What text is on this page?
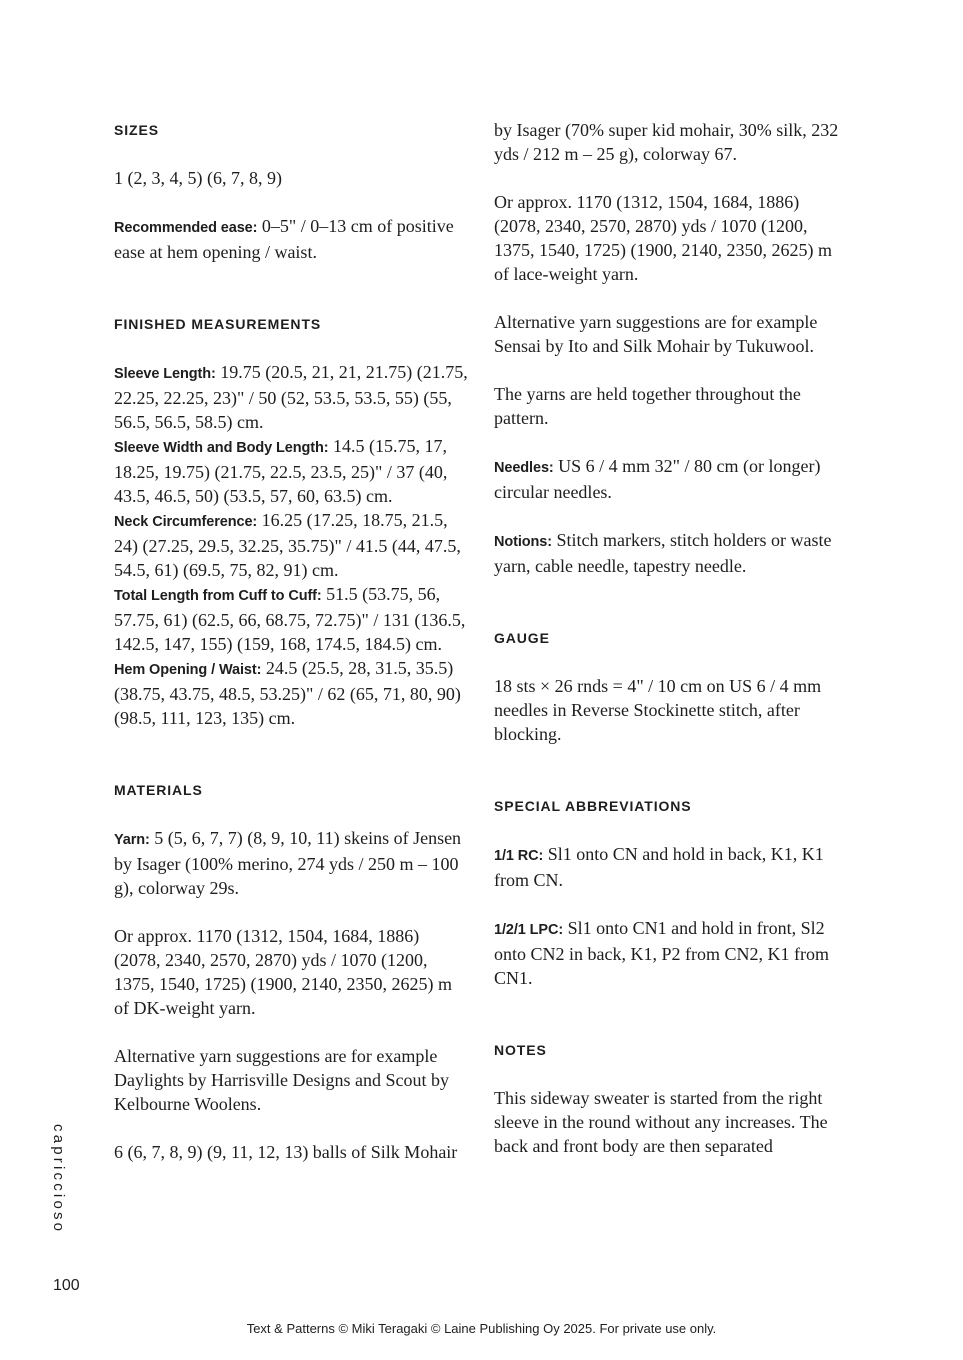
SIZES

1 (2, 3, 4, 5) (6, 7, 8, 9)

Recommended ease: 0–5" / 0–13 cm of positive ease at hem opening / waist.

FINISHED MEASUREMENTS

Sleeve Length: 19.75 (20.5, 21, 21, 21.75) (21.75, 22.25, 22.25, 23)" / 50 (52, 53.5, 53.5, 55) (55, 56.5, 56.5, 58.5) cm.

Sleeve Width and Body Length: 14.5 (15.75, 17, 18.25, 19.75) (21.75, 22.5, 23.5, 25)" / 37 (40, 43.5, 46.5, 50) (53.5, 57, 60, 63.5) cm.

Neck Circumference: 16.25 (17.25, 18.75, 21.5, 24) (27.25, 29.5, 32.25, 35.75)" / 41.5 (44, 47.5, 54.5, 61) (69.5, 75, 82, 91) cm.

Total Length from Cuff to Cuff: 51.5 (53.75, 56, 57.75, 61) (62.5, 66, 68.75, 72.75)" / 131 (136.5, 142.5, 147, 155) (159, 168, 174.5, 184.5) cm.

Hem Opening / Waist: 24.5 (25.5, 28, 31.5, 35.5) (38.75, 43.75, 48.5, 53.25)" / 62 (65, 71, 80, 90) (98.5, 111, 123, 135) cm.

MATERIALS

Yarn: 5 (5, 6, 7, 7) (8, 9, 10, 11) skeins of Jensen by Isager (100% merino, 274 yds / 250 m – 100 g), colorway 29s.

Or approx. 1170 (1312, 1504, 1684, 1886) (2078, 2340, 2570, 2870) yds / 1070 (1200, 1375, 1540, 1725) (1900, 2140, 2350, 2625) m of DK-weight yarn.

Alternative yarn suggestions are for example Daylights by Harrisville Designs and Scout by Kelbourne Woolens.

6 (6, 7, 8, 9) (9, 11, 12, 13) balls of Silk Mohair

by Isager (70% super kid mohair, 30% silk, 232 yds / 212 m – 25 g), colorway 67.

Or approx. 1170 (1312, 1504, 1684, 1886) (2078, 2340, 2570, 2870) yds / 1070 (1200, 1375, 1540, 1725) (1900, 2140, 2350, 2625) m of lace-weight yarn.

Alternative yarn suggestions are for example Sensai by Ito and Silk Mohair by Tukuwool.

The yarns are held together throughout the pattern.

Needles: US 6 / 4 mm 32" / 80 cm (or longer) circular needles.

Notions: Stitch markers, stitch holders or waste yarn, cable needle, tapestry needle.

GAUGE

18 sts × 26 rnds = 4" / 10 cm on US 6 / 4 mm needles in Reverse Stockinette stitch, after blocking.

SPECIAL ABBREVIATIONS

1/1 RC: Sl1 onto CN and hold in back, K1, K1 from CN.

1/2/1 LPC: Sl1 onto CN1 and hold in front, Sl2 onto CN2 in back, K1, P2 from CN2, K1 from CN1.

NOTES

This sideway sweater is started from the right sleeve in the round without any increases. The back and front body are then separated

capriccioso
100
Text & Patterns © Miki Teragaki © Laine Publishing Oy 2025. For private use only.
